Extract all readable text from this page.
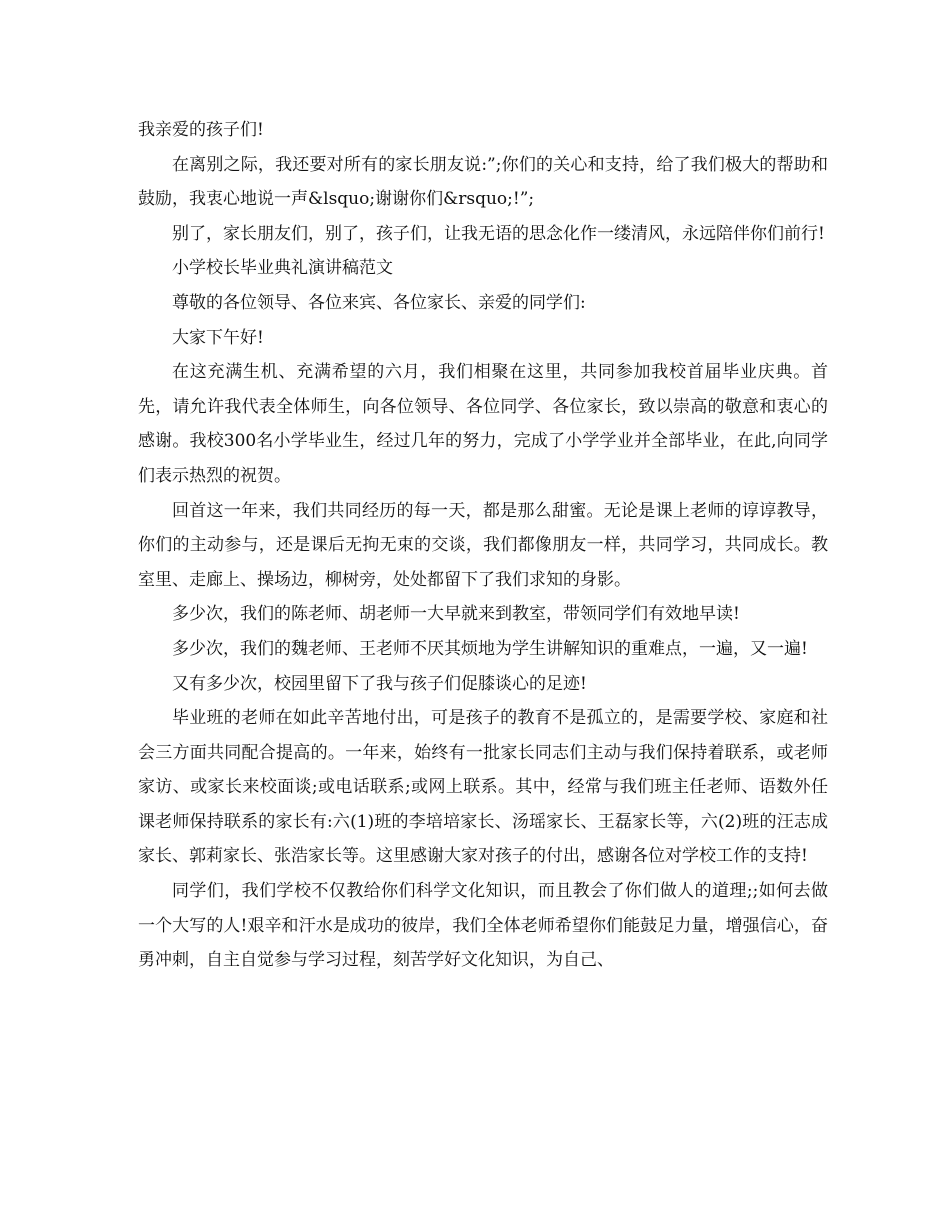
我亲爱的孩子们!

在离别之际，我还要对所有的家长朋友说:”;你们的关心和支持，给了我们极大的帮助和鼓励，我衷心地说一声&lsquo;谢谢你们&rsquo;!”;

别了，家长朋友们，别了，孩子们，让我无语的思念化作一缕清风，永远陪伴你们前行!

小学校长毕业典礼演讲稿范文

尊敬的各位领导、各位来宾、各位家长、亲爱的同学们:

大家下午好!

在这充满生机、充满希望的六月，我们相聚在这里，共同参加我校首届毕业庆典。首先，请允许我代表全体师生，向各位领导、各位同学、各位家长，致以崇高的敬意和衷心的感谢。我校300名小学毕业生，经过几年的努力，完成了小学学业并全部毕业，在此,向同学们表示热烈的祝贺。

回首这一年来，我们共同经历的每一天，都是那么甜蜜。无论是课上老师的谆谆教导，你们的主动参与，还是课后无拘无束的交谈，我们都像朋友一样，共同学习，共同成长。教室里、走廊上、操场边，柳树旁，处处都留下了我们求知的身影。

多少次，我们的陈老师、胡老师一大早就来到教室，带领同学们有效地早读!

多少次，我们的魏老师、王老师不厌其烦地为学生讲解知识的重难点，一遍，又一遍!

又有多少次，校园里留下了我与孩子们促膝谈心的足迹!

毕业班的老师在如此辛苦地付出，可是孩子的教育不是孤立的，是需要学校、家庭和社会三方面共同配合提高的。一年来，始终有一批家长同志们主动与我们保持着联系，或老师家访、或家长来校面谈;或电话联系;或网上联系。其中，经常与我们班主任老师、语数外任课老师保持联系的家长有:六(1)班的李培培家长、汤瑶家长、王磊家长等，六(2)班的汪志成家长、郭莉家长、张浩家长等。这里感谢大家对孩子的付出，感谢各位对学校工作的支持!

同学们，我们学校不仅教给你们科学文化知识，而且教会了你们做人的道理;;如何去做一个大写的人!艰辛和汗水是成功的彼岸，我们全体老师希望你们能鼓足力量，增强信心，奋勇冲刺，自主自觉参与学习过程，刻苦学好文化知识，为自己、
